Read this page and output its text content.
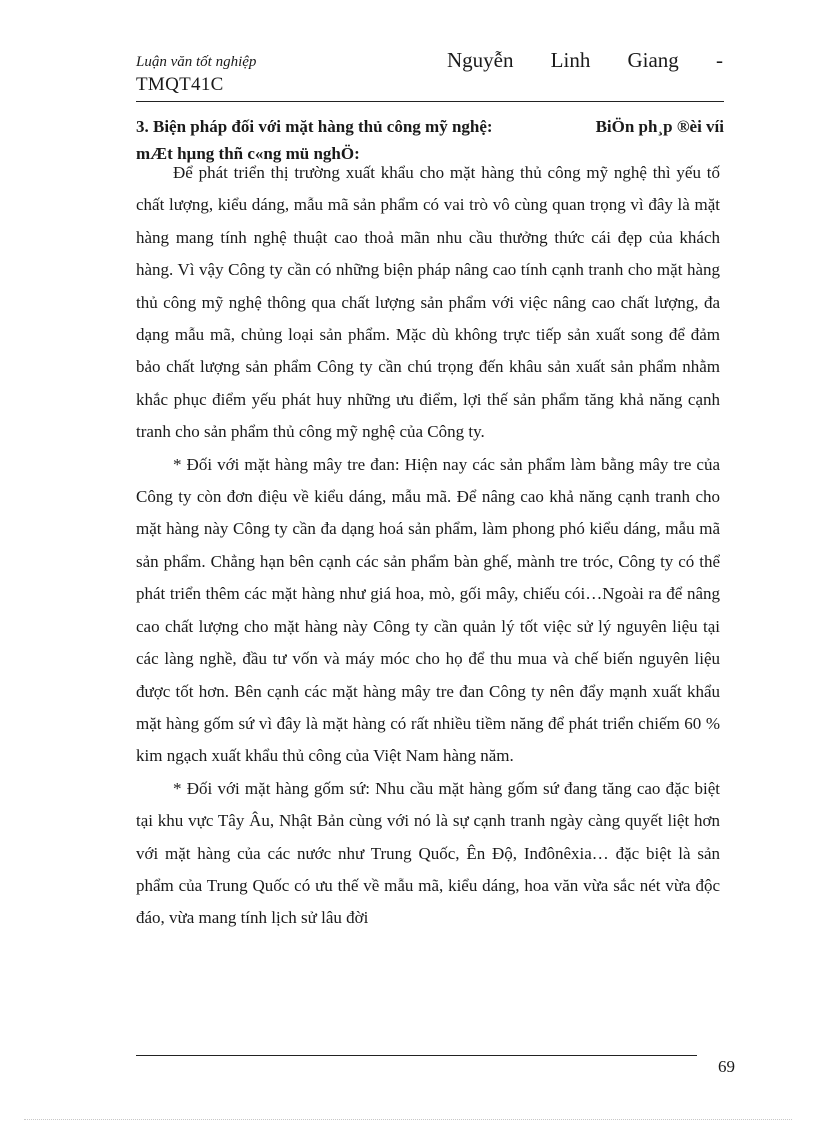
Luận văn tốt nghiệp	Nguyễn Linh Giang -
TMQT41C
3. Biện pháp đối với mặt hàng thủ công mỹ nghệ:	BiÖn ph¸p ®èi víi
mÆt hµng thñ c«ng mü nghÖ:

Để phát triển thị trường xuất khẩu cho mặt hàng thủ công mỹ nghệ thì yếu tố chất lượng, kiểu dáng, mẫu mã sản phẩm có vai trò vô cùng quan trọng vì đây là mặt hàng mang tính nghệ thuật cao thoả mãn nhu cầu thưởng thức cái đẹp của khách hàng. Vì vậy Công ty cần có những biện pháp nâng cao tính cạnh tranh cho mặt hàng thủ công mỹ nghệ thông qua chất lượng sản phẩm với việc nâng cao chất lượng, đa dạng mẫu mã, chủng loại sản phẩm. Mặc dù không trực tiếp sản xuất song để đảm bảo chất lượng sản phẩm Công ty cần chú trọng đến khâu sản xuất sản phẩm nhằm khắc phục điểm yếu phát huy những ưu điểm, lợi thế sản phẩm tăng khả năng cạnh tranh cho sản phẩm thủ công mỹ nghệ của Công ty.

* Đối với mặt hàng mây tre đan: Hiện nay các sản phẩm làm bằng mây tre của Công ty còn đơn điệu về kiểu dáng, mẫu mã. Để nâng cao khả năng cạnh tranh cho mặt hàng này Công ty cần đa dạng hoá sản phẩm, làm phong phó kiểu dáng, mẫu mã sản phẩm. Chẳng hạn bên cạnh các sản phẩm bàn ghế, mành tre tróc, Công ty có thể phát triển thêm các mặt hàng như giá hoa, mò, gối mây, chiếu cói…Ngoài ra để nâng cao chất lượng cho mặt hàng này Công ty cần quản lý tốt việc sử lý nguyên liệu tại các làng nghề, đầu tư vốn và máy móc cho họ để thu mua và chế biến nguyên liệu được tốt hơn. Bên cạnh các mặt hàng mây tre đan Công ty nên đẩy mạnh xuất khẩu mặt hàng gốm sứ vì đây là mặt hàng có rất nhiều tiềm năng để phát triển chiếm 60 % kim ngạch xuất khẩu thủ công của Việt Nam hàng năm.

* Đối với mặt hàng gốm sứ: Nhu cầu mặt hàng gốm sứ đang tăng cao đặc biệt tại khu vực Tây Âu, Nhật Bản cùng với nó là sự cạnh tranh ngày càng quyết liệt hơn với mặt hàng của các nước như Trung Quốc, Ên Độ, Inđônêxia… đặc biệt là sản phẩm của Trung Quốc có ưu thế về mẫu mã, kiểu dáng, hoa văn vừa sắc nét vừa độc đáo, vừa mang tính lịch sử lâu đời

69
